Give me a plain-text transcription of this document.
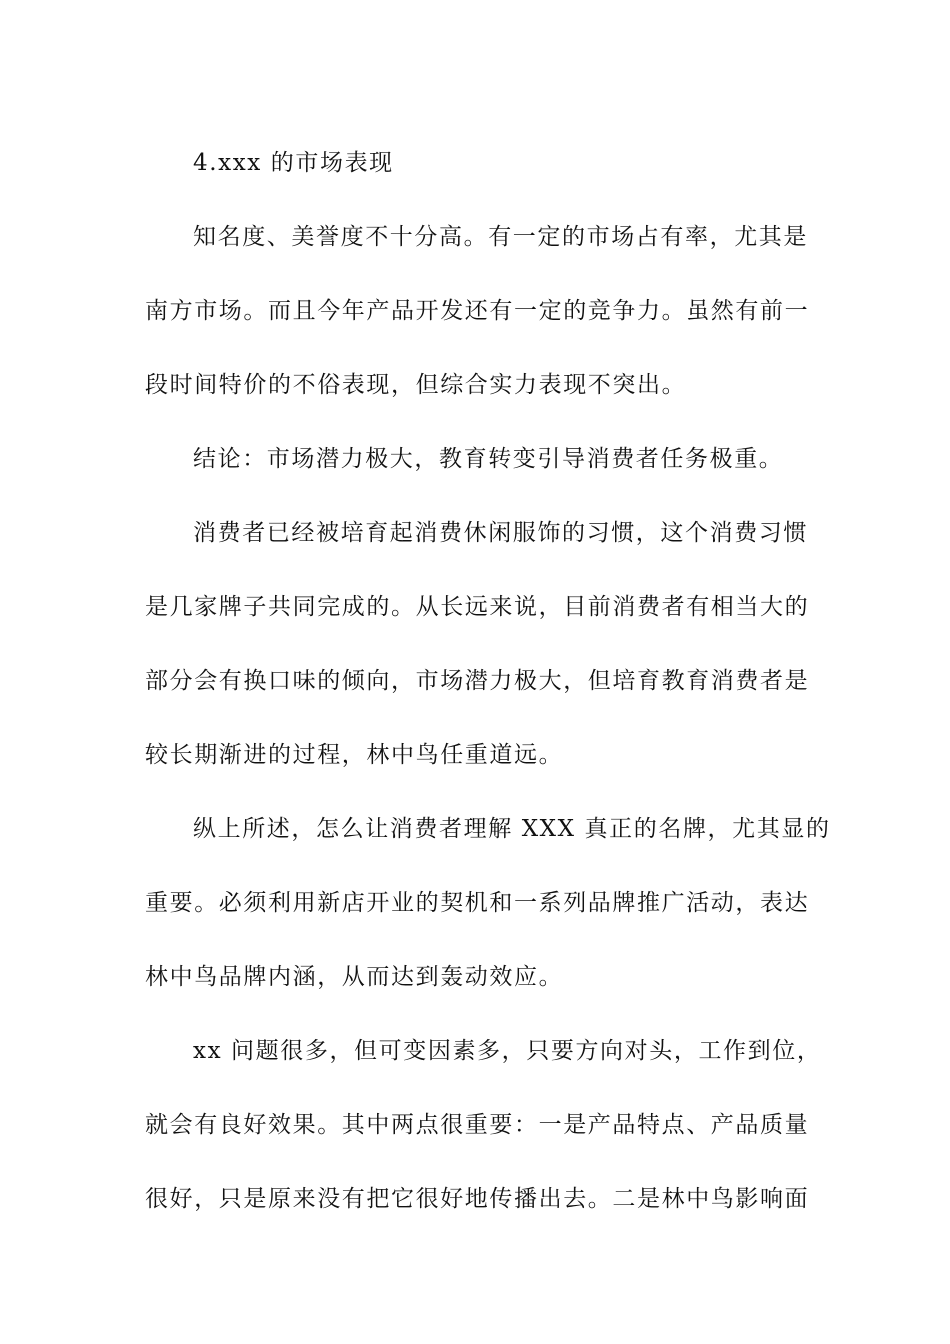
4.xxx 的市场表现
知名度、美誉度不十分高。有一定的市场占有率，尤其是
南方市场。而且今年产品开发还有一定的竞争力。虽然有前一
段时间特价的不俗表现，但综合实力表现不突出。
结论：市场潜力极大，教育转变引导消费者任务极重。
消费者已经被培育起消费休闲服饰的习惯，这个消费习惯
是几家牌子共同完成的。从长远来说，目前消费者有相当大的
部分会有换口味的倾向，市场潜力极大，但培育教育消费者是
较长期渐进的过程，林中鸟任重道远。
纵上所述，怎么让消费者理解 XXX 真正的名牌，尤其显的
重要。必须利用新店开业的契机和一系列品牌推广活动，表达
林中鸟品牌内涵，从而达到轰动效应。
xx 问题很多，但可变因素多，只要方向对头，工作到位，
就会有良好效果。其中两点很重要：一是产品特点、产品质量
很好，只是原来没有把它很好地传播出去。二是林中鸟影响面
